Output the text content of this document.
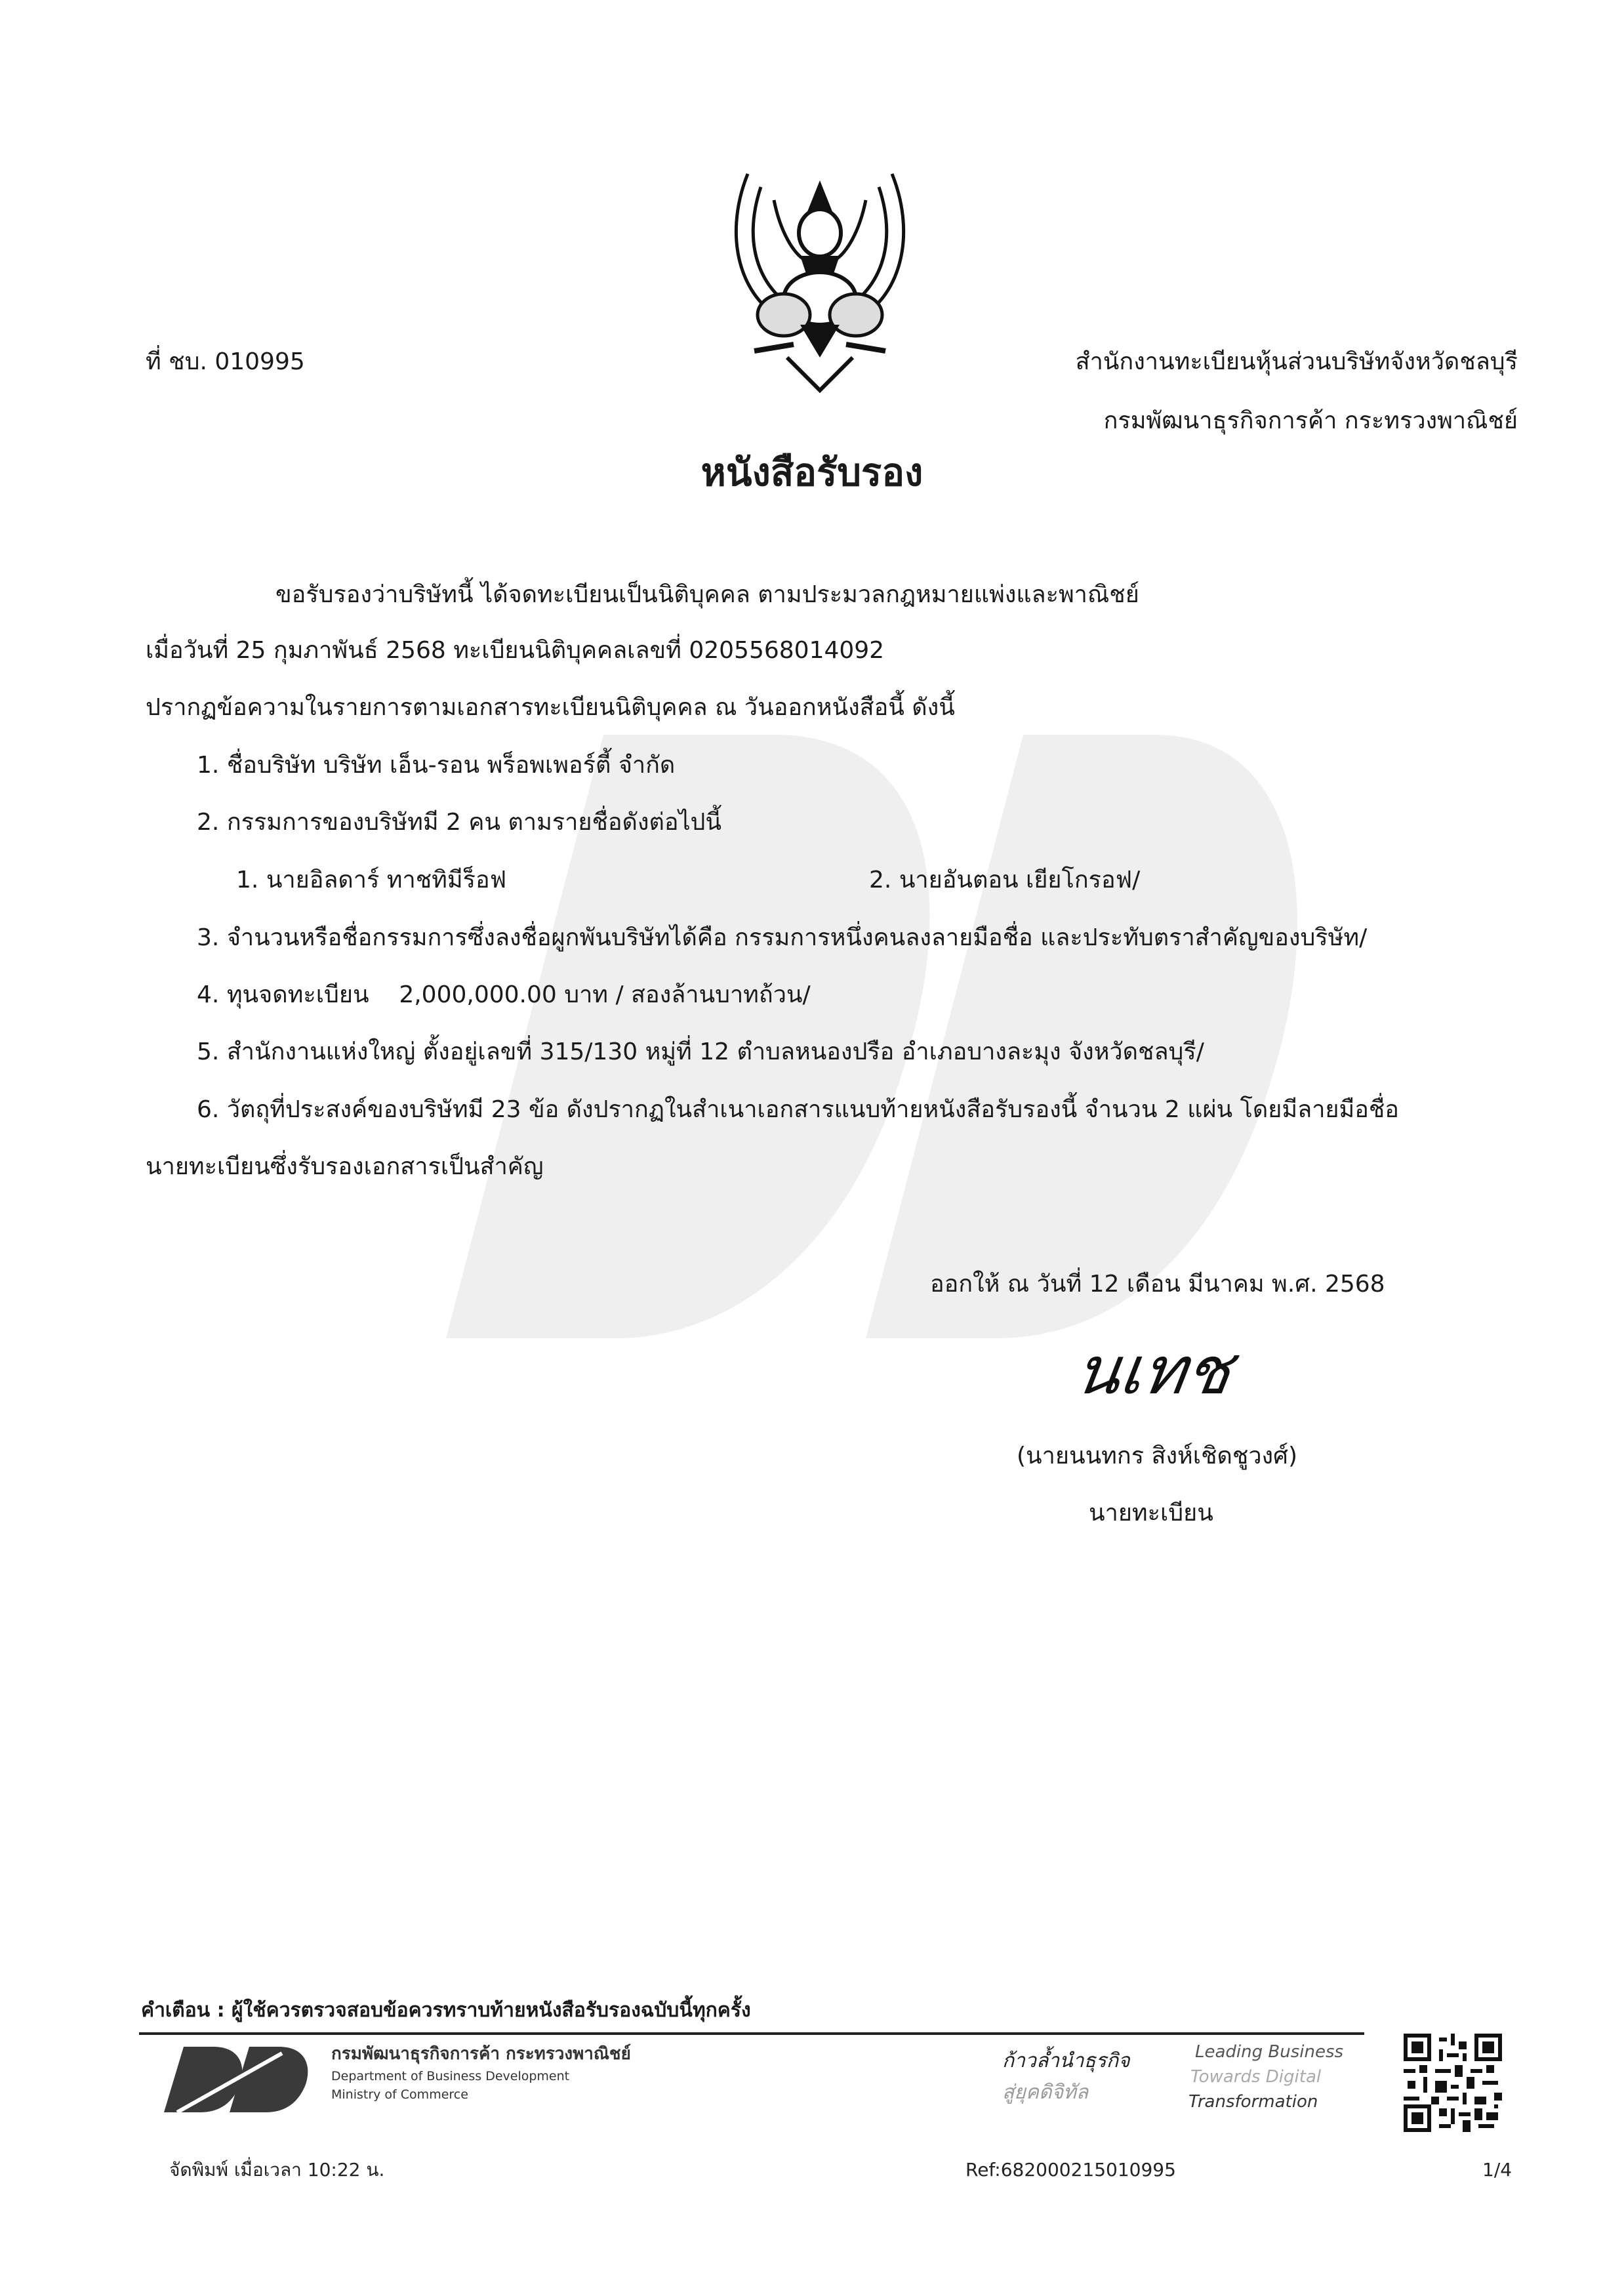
ที่ ชบ. 010995	สำนักงานทะเบียนหุ้นส่วนบริษัทจังหวัดชลบุรี
กรมพัฒนาธุรกิจการค้า กระทรวงพาณิชย์
หนังสือรับรอง
ขอรับรองว่าบริษัทนี้ ได้จดทะเบียนเป็นนิติบุคคล ตามประมวลกฎหมายแพ่งและพาณิชย์
เมื่อวันที่ 25 กุมภาพันธ์ 2568 ทะเบียนนิติบุคคลเลขที่ 0205568014092
ปรากฏข้อความในรายการตามเอกสารทะเบียนนิติบุคคล ณ วันออกหนังสือนี้ ดังนี้
1. ชื่อบริษัท บริษัท เอ็น-รอน พร็อพเพอร์ตี้ จำกัด
2. กรรมการของบริษัทมี 2 คน ตามรายชื่อดังต่อไปนี้
1. นายอิลดาร์ ทาชทิมีร็อฟ	2. นายอันตอน เยียโกรอฟ/
3. จำนวนหรือชื่อกรรมการซึ่งลงชื่อผูกพันบริษัทได้คือ กรรมการหนึ่งคนลงลายมือชื่อ และประทับตราสำคัญของบริษัท/
4. ทุนจดทะเบียน    2,000,000.00 บาท / สองล้านบาทถ้วน/
5. สำนักงานแห่งใหญ่ ตั้งอยู่เลขที่ 315/130 หมู่ที่ 12 ตำบลหนองปรือ อำเภอบางละมุง จังหวัดชลบุรี/
6. วัตถุที่ประสงค์ของบริษัทมี 23 ข้อ ดังปรากฏในสำเนาเอกสารแนบท้ายหนังสือรับรองนี้ จำนวน 2 แผ่น โดยมีลายมือชื่อ
นายทะเบียนซึ่งรับรองเอกสารเป็นสำคัญ
ออกให้ ณ วันที่ 12 เดือน มีนาคม พ.ศ. 2568
นเทช
(นายนนทกร สิงห์เชิดชูวงศ์)
นายทะเบียน
คำเตือน : ผู้ใช้ควรตรวจสอบข้อควรทราบท้ายหนังสือรับรองฉบับนี้ทุกครั้ง
กรมพัฒนาธุรกิจการค้า กระทรวงพาณิชย์
Department of Business Development
Ministry of Commerce
ก้าวล้ำนำธุรกิจ
สู่ยุคดิจิทัล
Leading Business
Towards Digital
Transformation
จัดพิมพ์ เมื่อเวลา 10:22 น.	Ref:682000215010995	1/4
